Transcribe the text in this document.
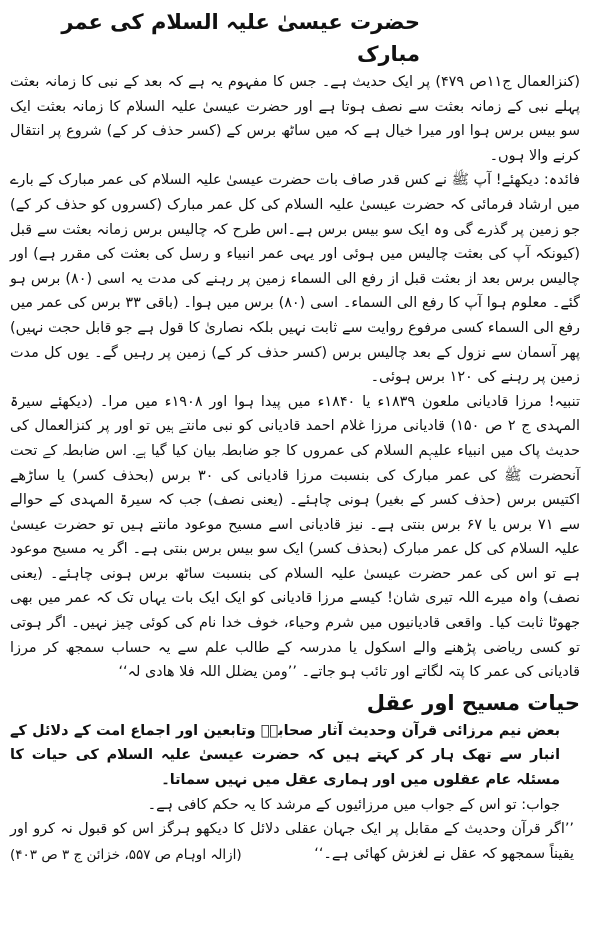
حضرت عیسیٰ علیہ السلام کی عمر مبارک

(کنزالعمال ج۱۱ص ۴۷۹) پر ایک حدیث ہے۔ جس کا مفہوم یہ ہے کہ بعد کے نبی کا زمانہ بعثت پہلے نبی کے زمانہ بعثت سے نصف ہوتا ہے اور حضرت عیسیٰ علیہ السلام کا زمانہ بعثت ایک سو بیس برس ہوا اور میرا خیال ہے کہ میں ساٹھ برس کے (کسر حذف کر کے) شروع پر انتقال کرنے والا ہوں۔

فائدہ: دیکھئے! آپ ﷺ نے کس قدر صاف بات حضرت عیسیٰ علیہ السلام کی عمر مبارک کے بارے میں ارشاد فرمائی کہ حضرت عیسیٰ علیہ السلام کی کل عمر مبارک (کسروں کو حذف کر کے) جو زمین پر گذرے گی وہ ایک سو بیس برس ہے۔اس طرح کہ چالیس برس زمانہ بعثت سے قبل (کیونکہ آپ کی بعثت چالیس میں ہوئی اور یہی عمر انبیاء و رسل کی بعثت کی مقرر ہے) اور چالیس برس بعد از بعثت قبل از رفع الی السماء زمین پر رہنے کی مدت یہ اسی (۸۰) برس ہو گئے۔ معلوم ہوا آپ کا رفع الی السماء۔ اسی (۸۰) برس میں ہوا۔ (باقی ۳۳ برس کی عمر میں رفع الی السماء کسی مرفوع روایت سے ثابت نہیں بلکہ نصاریٰ کا قول ہے جو قابل حجت نہیں) پھر آسمان سے نزول کے بعد چالیس برس (کسر حذف کر کے) زمین پر رہیں گے۔ یوں کل مدت زمین پر رہنے کی ۱۲۰ برس ہوئی۔

تنبیہ! مرزا قادیانی ملعون ۱۸۳۹ء یا ۱۸۴۰ء میں پیدا ہوا اور ۱۹۰۸ء میں مرا۔ (دیکھئے سیرۃ المہدی ج ۲ ص ۱۵۰) قادیانی مرزا غلام احمد قادیانی کو نبی مانتے ہیں تو اور پر کنزالعمال کی حدیث پاک میں انبیاء علیہم السلام کی عمروں کا جو ضابطہ بیان کیا گیا ہے۔ اس ضابطہ کے تحت آنحضرت ﷺ کی عمر مبارک کی بنسبت مرزا قادیانی کی ۳۰ برس (بحذف کسر) یا ساڑھے اکتیس برس (حذف کسر کے بغیر) ہونی چاہئے۔ (یعنی نصف) جب کہ سیرۃ المہدی کے حوالے سے ۷۱ برس یا ۶۷ برس بنتی ہے۔ نیز قادیانی اسے مسیح موعود مانتے ہیں تو حضرت عیسیٰ علیہ السلام کی کل عمر مبارک (بحذف کسر) ایک سو بیس برس بنتی ہے۔ اگر یہ مسیح موعود ہے تو اس کی عمر حضرت عیسیٰ علیہ السلام کی بنسبت ساٹھ برس ہونی چاہئے۔ (یعنی نصف) واہ میرے اللہ تیری شان! کیسے مرزا قادیانی کو ایک ایک بات یہاں تک کہ عمر میں بھی جھوٹا ثابت کیا۔ واقعی قادیانیوں میں شرم وحیاء، خوف خدا نام کی کوئی چیز نہیں۔ اگر ہوتی تو کسی ریاضی پڑھنے والے اسکول یا مدرسہ کے طالب علم سے یہ حساب سمجھ کر مرزا قادیانی کی عمر کا پتہ لگاتے اور تائب ہو جاتے۔ ’’ومن یضلل اللہ فلا ھادی لہ‘‘

حیات مسیح اور عقل

بعض نیم مرزائی قرآن وحدیث آثار صحابہؓ وتابعین اور اجماع امت کے دلائل کے انبار سے تھک ہار کر کہتے ہیں کہ حضرت عیسیٰ علیہ السلام کی حیات کا مسئلہ عام عقلوں میں اور ہماری عقل میں نہیں سماتا۔

جواب: تو اس کے جواب میں مرزائیوں کے مرشد کا یہ حکم کافی ہے۔

’’اگر قرآن وحدیث کے مقابل پر ایک جہان عقلی دلائل کا دیکھو ہرگز اس کو قبول نہ کرو اور یقیناً سمجھو کہ عقل نے لغزش کھائی ہے۔‘‘

(ازالہ اوہام ص ۵۵۷، خزائن ج ۳ ص ۴۰۳)
